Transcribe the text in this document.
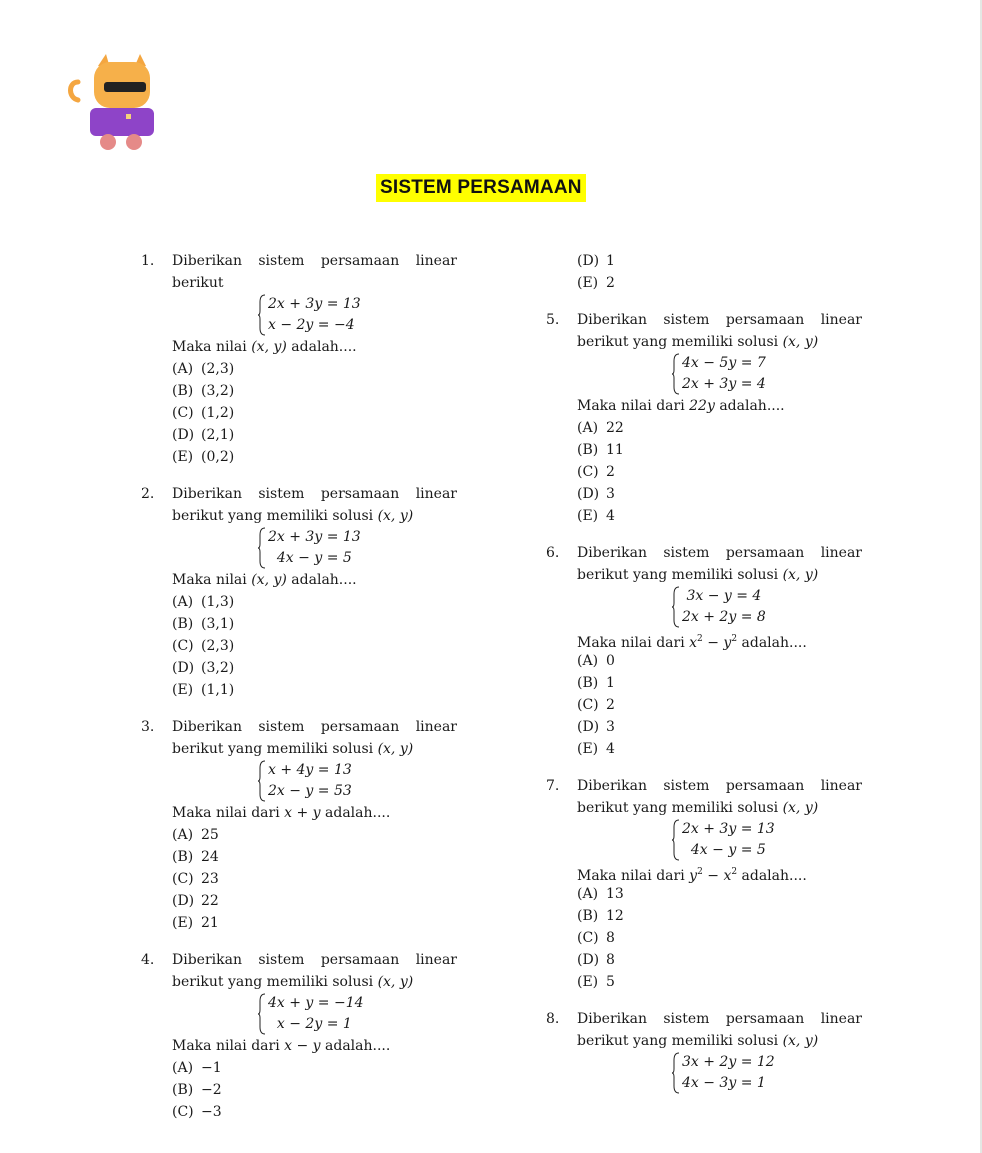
SISTEM PERSAMAAN
1. Diberikan sistem persamaan linear
berikut
2x + 3y = 13
x − 2y = −4
Maka nilai (x, y) adalah....
(A) (2,3)
(B) (3,2)
(C) (1,2)
(D) (2,1)
(E) (0,2)
2. Diberikan sistem persamaan linear
berikut yang memiliki solusi (x, y)
2x + 3y = 13
4x − y = 5
Maka nilai (x, y) adalah....
(A) (1,3)
(B) (3,1)
(C) (2,3)
(D) (3,2)
(E) (1,1)
3. Diberikan sistem persamaan linear
berikut yang memiliki solusi (x, y)
x + 4y = 13
2x − y = 53
Maka nilai dari x + y adalah....
(A) 25
(B) 24
(C) 23
(D) 22
(E) 21
4. Diberikan sistem persamaan linear
berikut yang memiliki solusi (x, y)
4x + y = −14
x − 2y = 1
Maka nilai dari x − y adalah....
(A) −1
(B) −2
(C) −3
(D) 1
(E) 2
5. Diberikan sistem persamaan linear
berikut yang memiliki solusi (x, y)
4x − 5y = 7
2x + 3y = 4
Maka nilai dari 22y adalah....
(A) 22
(B) 11
(C) 2
(D) 3
(E) 4
6. Diberikan sistem persamaan linear
berikut yang memiliki solusi (x, y)
3x − y = 4
2x + 2y = 8
Maka nilai dari $x^2 - y^2$ adalah....
(A) 0
(B) 1
(C) 2
(D) 3
(E) 4
7. Diberikan sistem persamaan linear
berikut yang memiliki solusi (x, y)
2x + 3y = 13
4x − y = 5
Maka nilai dari $y^2 - x^2$ adalah....
(A) 13
(B) 12
(C) 8
(D) 8
(E) 5
8. Diberikan sistem persamaan linear
berikut yang memiliki solusi (x, y)
3x + 2y = 12
4x − 3y = 1
